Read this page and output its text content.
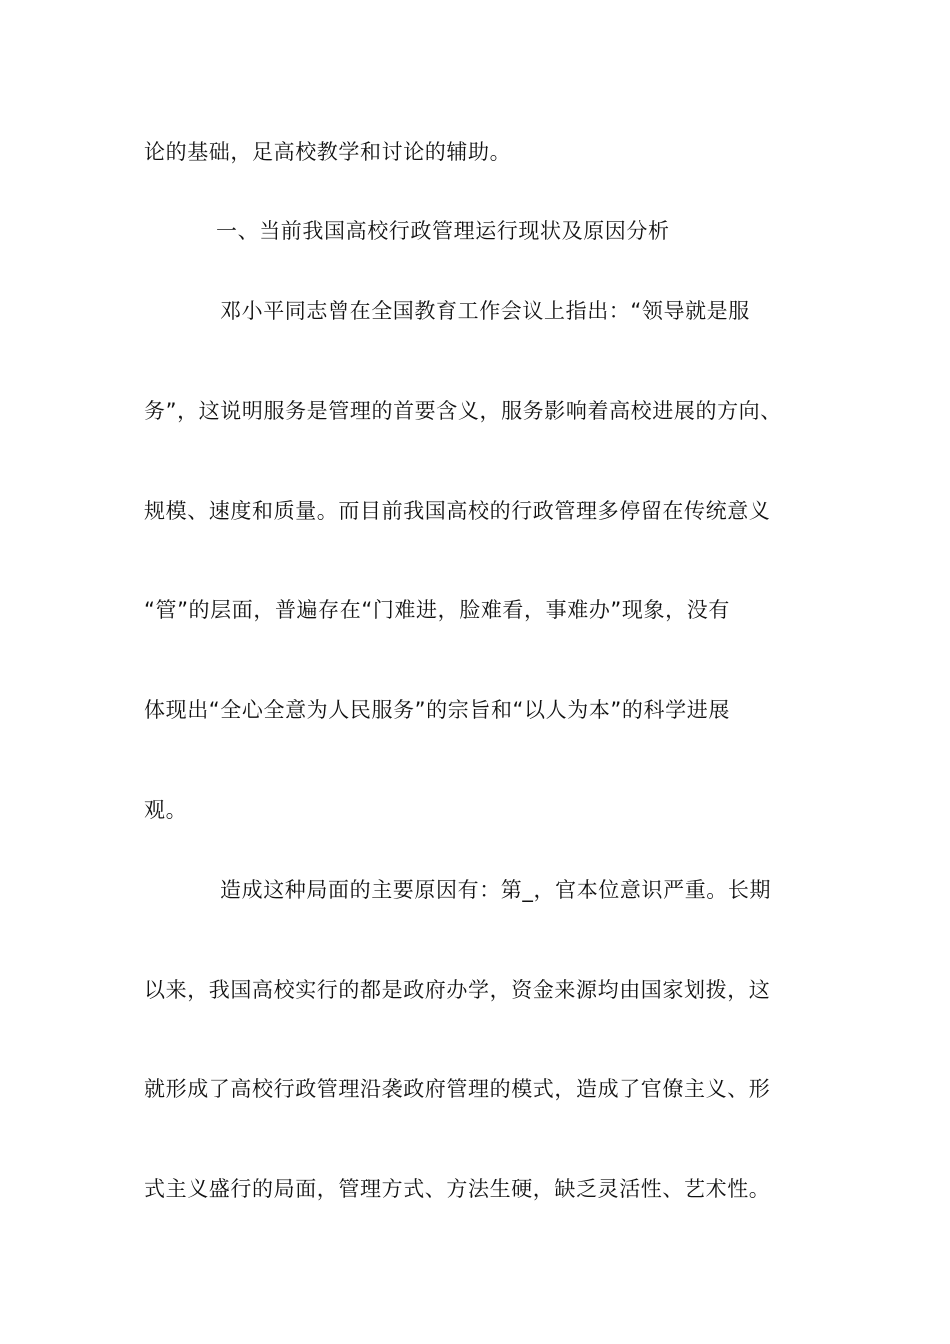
论的基础，足高校教学和讨论的辅助。
一、当前我国高校行政管理运行现状及原因分析
邓小平同志曾在全国教育工作会议上指出：“领导就是服
务”，这说明服务是管理的首要含义，服务影响着高校进展的方向、
规模、速度和质量。而目前我国高校的行政管理多停留在传统意义
“管”的层面，普遍存在“门难进，脸难看，事难办”现象，没有
体现出“全心全意为人民服务”的宗旨和“以人为本”的科学进展
观。
造成这种局面的主要原因有：第_，官本位意识严重。长期
以来，我国高校实行的都是政府办学，资金来源均由国家划拨，这
就形成了高校行政管理沿袭政府管理的模式，造成了官僚主义、形
式主义盛行的局面，管理方式、方法生硬，缺乏灵活性、艺术性。
